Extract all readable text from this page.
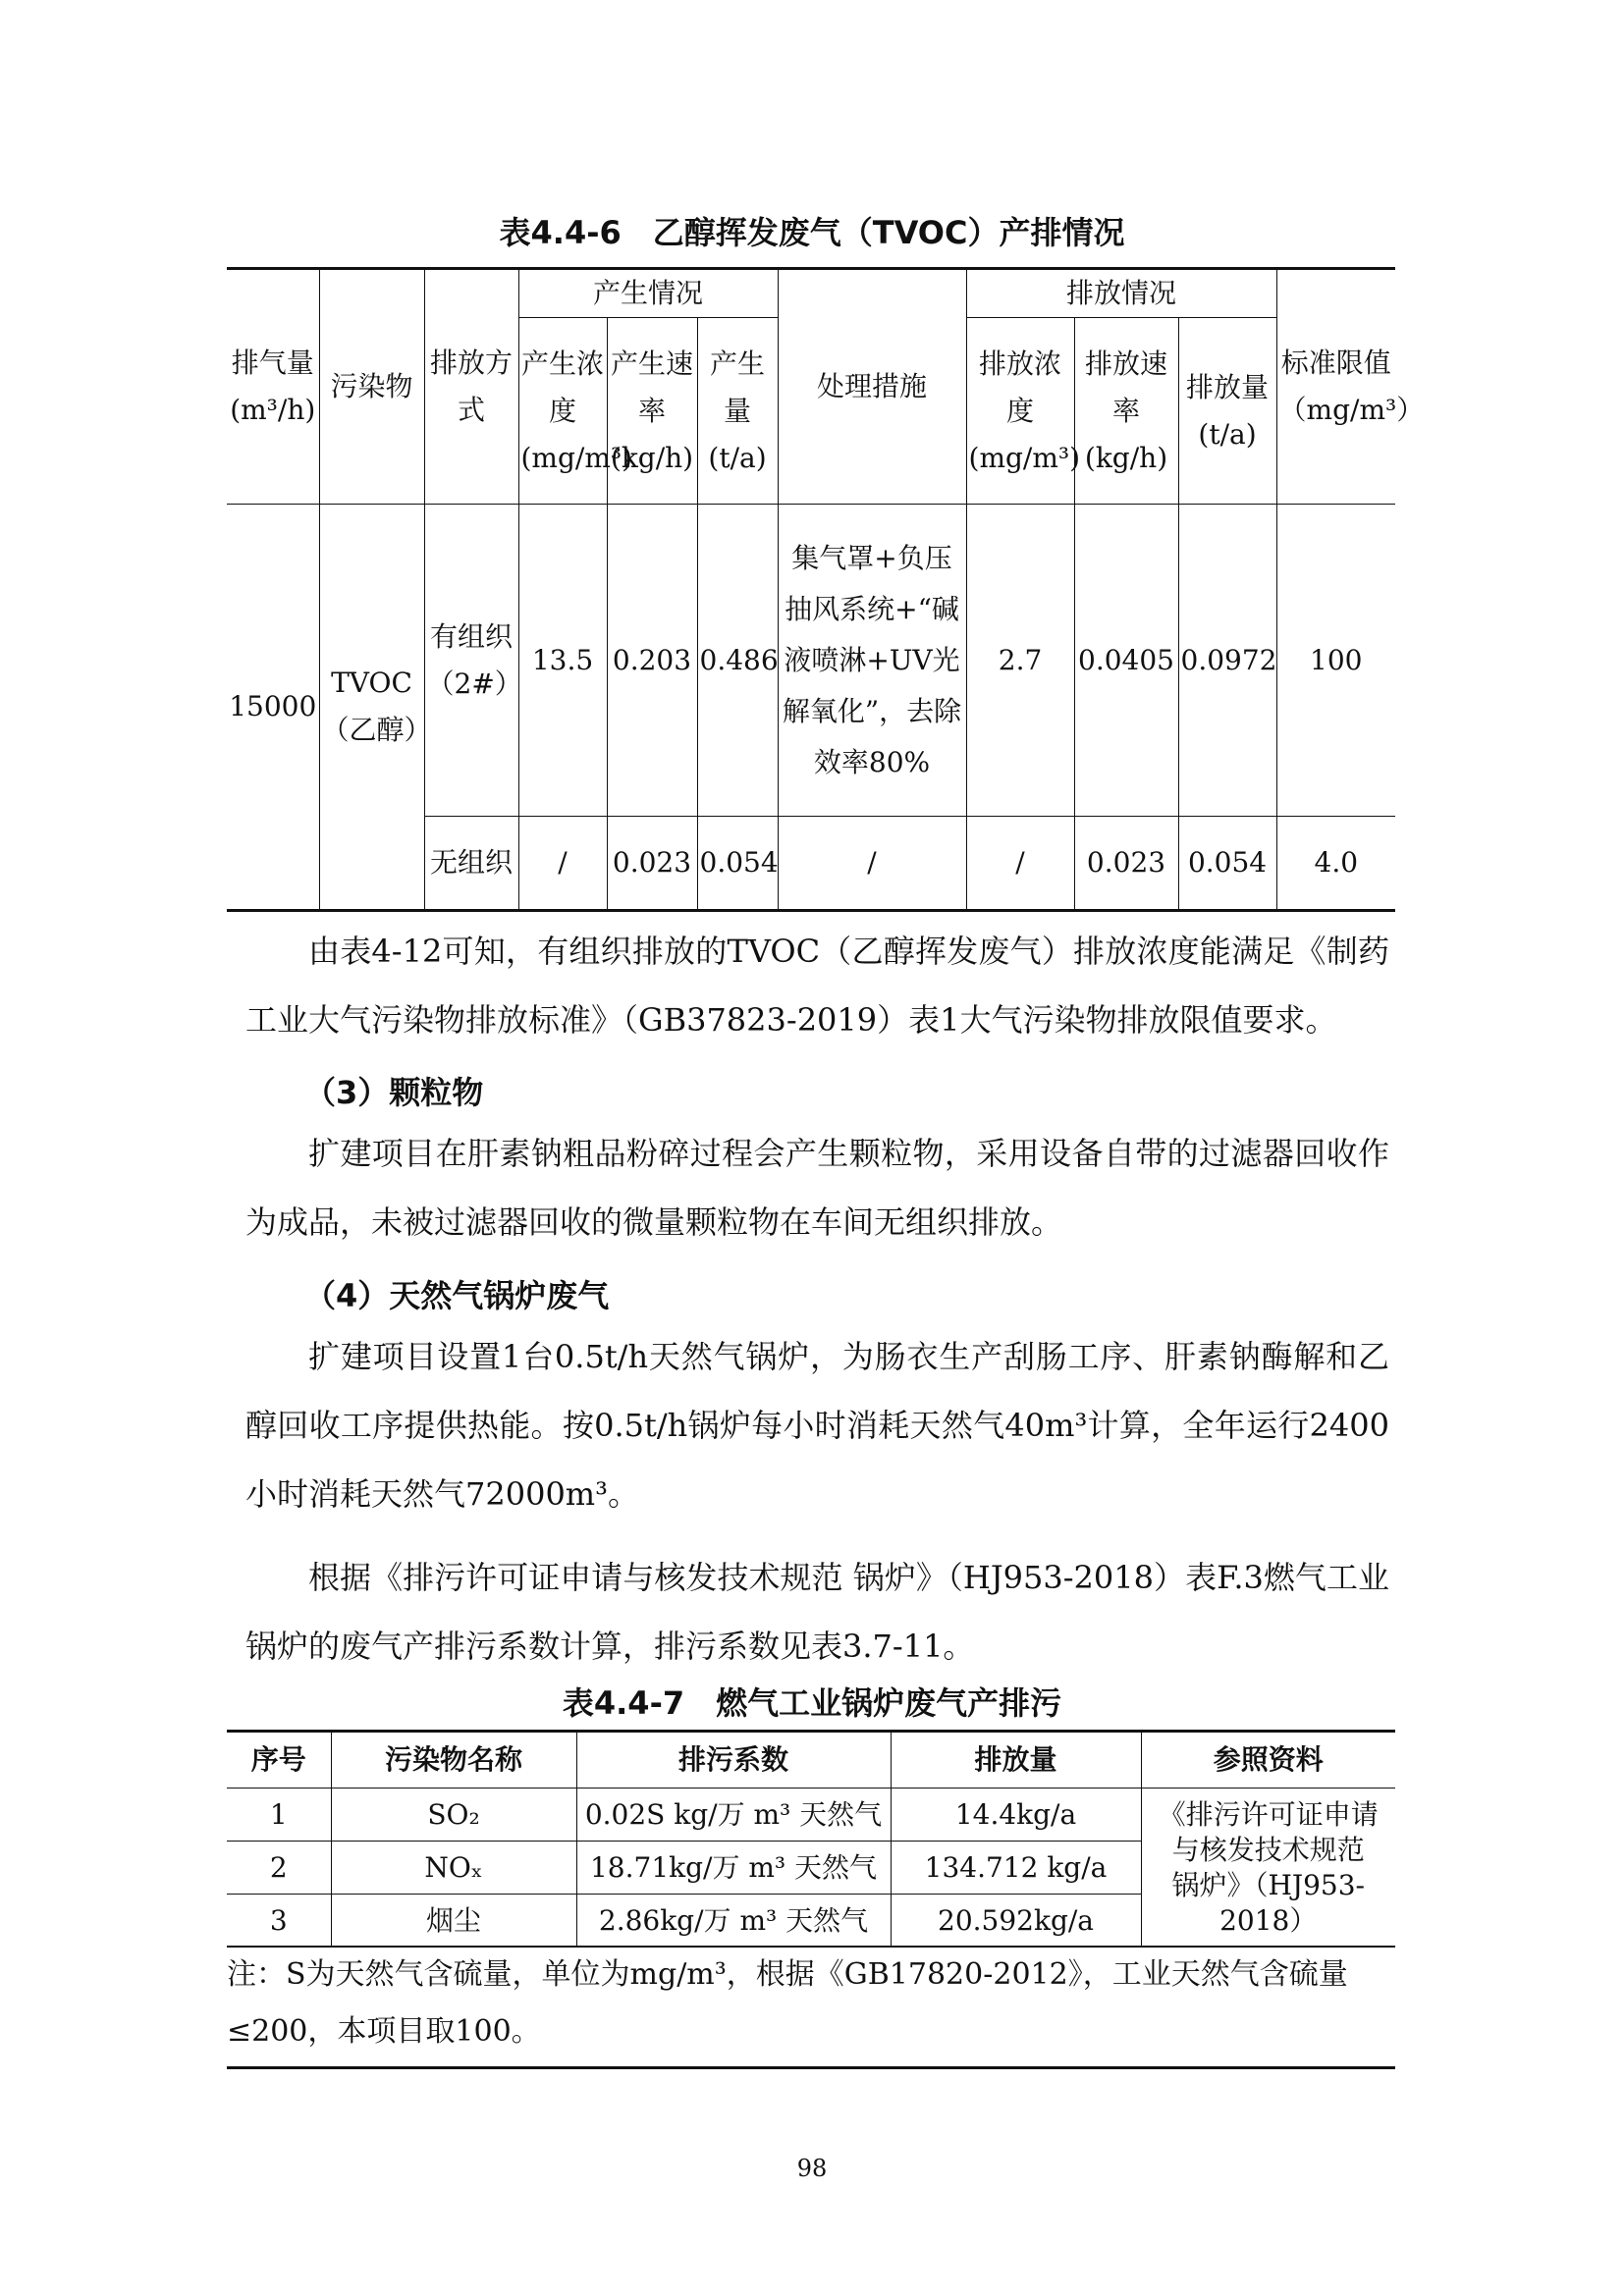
表4.4-6　乙醇挥发废气（TVOC）产排情况
排气量(m³/h)	污染物	排放方式	产生情况			处理措施	排放情况			标准限值（mg/m³）
			产生浓度(mg/m³)	产生速率(kg/h)	产生量(t/a)		排放浓度(mg/m³)	排放速率(kg/h)	排放量(t/a)	
15000	TVOC（乙醇）	有组织（2#）	13.5	0.203	0.486	集气罩+负压抽风系统+“碱液喷淋+UV光解氧化”，去除效率80%	2.7	0.0405	0.0972	100
		无组织	/	0.023	0.054	/	/	0.023	0.054	4.0

由表4-12可知，有组织排放的TVOC（乙醇挥发废气）排放浓度能满足《制药工业大气污染物排放标准》（GB37823-2019）表1大气污染物排放限值要求。

（3）颗粒物

扩建项目在肝素钠粗品粉碎过程会产生颗粒物，采用设备自带的过滤器回收作为成品，未被过滤器回收的微量颗粒物在车间无组织排放。

（4）天然气锅炉废气

扩建项目设置1台0.5t/h天然气锅炉，为肠衣生产刮肠工序、肝素钠酶解和乙醇回收工序提供热能。按0.5t/h锅炉每小时消耗天然气40m³计算，全年运行2400小时消耗天然气72000m³。

根据《排污许可证申请与核发技术规范 锅炉》（HJ953-2018）表F.3燃气工业锅炉的废气产排污系数计算，排污系数见表3.7-11。

表4.4-7　燃气工业锅炉废气产排污
序号	污染物名称	排污系数	排放量	参照资料
1	SO₂	0.02S kg/万 m³ 天然气	14.4kg/a	《排污许可证申请与核发技术规范 锅炉》（HJ953-2018）
2	NOₓ	18.71kg/万 m³ 天然气	134.712 kg/a	
3	烟尘	2.86kg/万 m³ 天然气	20.592kg/a	
注：S为天然气含硫量，单位为mg/m³，根据《GB17820-2012》，工业天然气含硫量≤200，本项目取100。
98
